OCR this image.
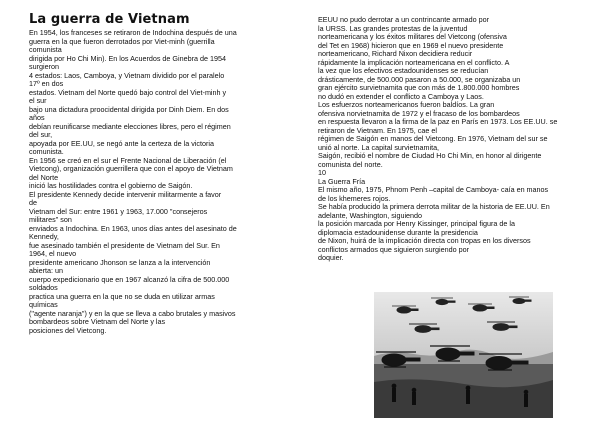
La guerra de Vietnam

En 1954, los franceses se retiraron de Indochina después de una

guerra en la que fueron derrotados por Viet-minh (guerrilla

comunista

dirigida por Ho Chi Min). En los Acuerdos de Ginebra de 1954

surgieron

4 estados: Laos, Camboya, y Vietnam dividido por el paralelo

17º en dos

estados. Vietnam del Norte quedó bajo control del Viet-minh y

el sur

bajo una dictadura proocidental dirigida por Dinh Diem. En dos

años

debían reunificarse mediante elecciones libres, pero el régimen

del sur,

apoyada por EE.UU, se negó ante la certeza de la victoria

comunista.

En 1956 se creó en el sur el Frente Nacional de Liberación (el

Vietcong), organización guerrillera que con el apoyo de Vietnam

del Norte

inició las hostilidades contra el gobierno de Saigón.

El presidente Kennedy decide intervenir militarmente a favor

de

Vietnam del Sur: entre 1961 y 1963, 17.000 "consejeros

militares" son

enviados a Indochina. En 1963, unos días antes del asesinato de

Kennedy,

fue asesinado también el presidente de Vietnam del Sur. En

1964, el nuevo

presidente americano Jhonson se lanza a la intervención

abierta: un

cuerpo expedicionario que en 1967 alcanzó la cifra de 500.000

soldados

practica una guerra en la que no se duda en utilizar armas

químicas

("agente naranja") y en la que se lleva a cabo brutales y masivos

bombardeos sobre Vietnam del Norte y las

posiciones del Vietcong.

EEUU no pudo derrotar a un contrincante armado por

la URSS. Las grandes protestas de la juventud

norteamericana y los éxitos militares del Vietcong (ofensiva

del Tet en 1968) hicieron que en 1969 el nuevo presidente

norteamericano, Richard Nixon decidiera reducir

rápidamente la implicación norteamericana en el conflicto. A

la vez que los efectivos estadounidenses se reducían

drásticamente, de 500.000 pasaron a 50.000, se organizaba un

gran ejército survietnamita que con más de 1.800.000 hombres

no dudó en extender el conflicto a Camboya y Laos.

Los esfuerzos norteamericanos fueron baldíos. La gran

ofensiva norvietnamita de 1972 y el fracaso de los bombardeos

en respuesta llevaron a la firma de la paz en París en 1973. Los EE.UU. se

retiraron de Vietnam. En 1975, cae el

régimen de Saigón en manos del Vietcong. En 1976, Vietnam del sur se

unió al norte. La capital survietnamita,

Saigón, recibió el nombre de Ciudad Ho Chi Min, en honor al dirigente

comunista del norte.

10

La Guerra Fría

El mismo año, 1975, Phnom Penh –capital de Camboya- caía en manos

de los khemeres rojos.

Se había producido la primera derrota militar de la historia de EE.UU. En

adelante, Washington, siguiendo

la posición marcada por Henry Kissinger, principal figura de la

diplomacia estadounidense durante la presidencia

de Nixon, huirá de la implicación directa con tropas en los diversos

conflictos armados que siguieron surgiendo por

doquier.
